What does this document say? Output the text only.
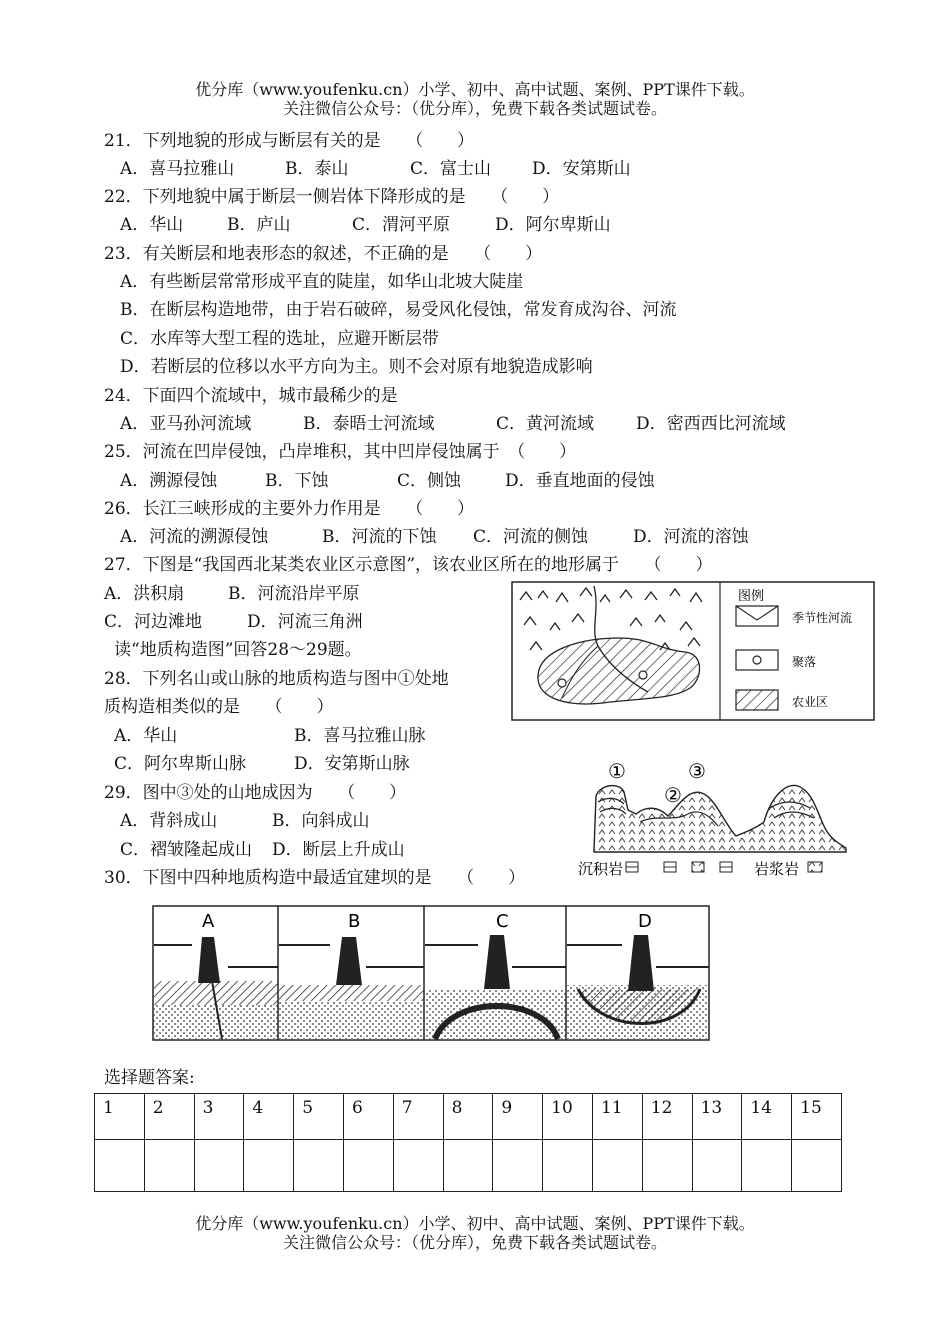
优分库（www.youfenku.cn）小学、初中、高中试题、案例、PPT课件下载。
关注微信公众号：（优分库），免费下载各类试题试卷。
21．下列地貌的形成与断层有关的是　　（　　）
A．喜马拉雅山	B．泰山	C．富士山 D．安第斯山
22．下列地貌中属于断层一侧岩体下降形成的是　　（　　）
A．华山	B．庐山	C．渭河平原	D．阿尔卑斯山
23．有关断层和地表形态的叙述，不正确的是　　（　　）
A．有些断层常常形成平直的陡崖，如华山北坡大陡崖
B．在断层构造地带，由于岩石破碎，易受风化侵蚀，常发育成沟谷、河流
C．水库等大型工程的选址，应避开断层带
D．若断层的位移以水平方向为主。则不会对原有地貌造成影响
24．下面四个流域中，城市最稀少的是
A．亚马孙河流域	B．泰晤士河流域	C．黄河流域 D．密西西比河流域
25．河流在凹岸侵蚀，凸岸堆积，其中凹岸侵蚀属于　（　　）
A．溯源侵蚀	B．下蚀	C．侧蚀	D．垂直地面的侵蚀
26．长江三峡形成的主要外力作用是　　（　　）
A．河流的溯源侵蚀	B．河流的下蚀 C．河流的侧蚀	D．河流的溶蚀
27．下图是“我国西北某类农业区示意图”，该农业区所在的地形属于　　（　　）
A．洪积扇	B．河流沿岸平原
C．河边滩地	D．河流三角洲
读“地质构造图”回答28～29题。
28．下列名山或山脉的地质构造与图中①处地
质构造相类似的是　　（　　）
A．华山	B．喜马拉雅山脉
C．阿尔卑斯山脉	D．安第斯山脉
29．图中③处的山地成因为　　（　　）
A．背斜成山	B．向斜成山
C．褶皱隆起成山 D．断层上升成山
30．下图中四种地质构造中最适宜建坝的是　　（　　）
图例
季节性河流
聚落
农业区
①
②
③
沉积岩	岩浆岩
A	B	C	D
选择题答案:
1	2	3	4	5	6	7	8	9	10	11	12	13	14	15

优分库（www.youfenku.cn）小学、初中、高中试题、案例、PPT课件下载。
关注微信公众号：（优分库），免费下载各类试题试卷。
